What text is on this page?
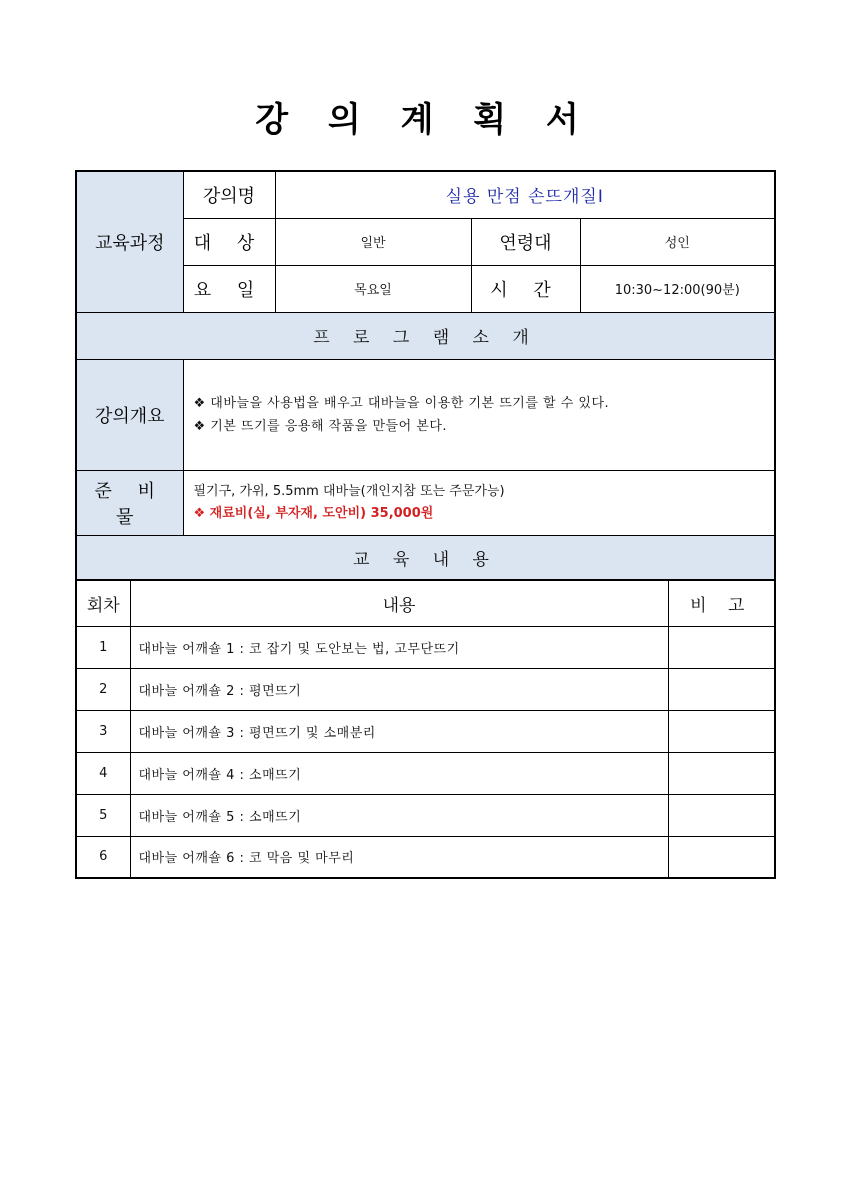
강 의 계 획 서
교육과정	강의명	실용 만점 손뜨개질Ⅰ		
	대 상	일반	연령대	성인
	요 일	목요일	시 간	10:30~12:00(90분)
프 로 그 램 소 개				
강의개요	❖ 대바늘을 사용법을 배우고 대바늘을 이용한 기본 뜨기를 할 수 있다.
❖ 기본 뜨기를 응용해 작품을 만들어 본다.			

준 비 물	필기구, 가위, 5.5mm 대바늘(개인지참 또는 주문가능)
❖ 재료비(실, 부자재, 도안비) 35,000원			

교 육 내 용				
회차	내용	비 고
1	대바늘 어깨숄 1 : 코 잡기 및 도안보는 법, 고무단뜨기	
2	대바늘 어깨숄 2 : 평면뜨기	
3	대바늘 어깨숄 3 : 평면뜨기 및 소매분리	
4	대바늘 어깨숄 4 : 소매뜨기	
5	대바늘 어깨숄 5 : 소매뜨기	
6	대바늘 어깨숄 6 : 코 막음 및 마무리	
